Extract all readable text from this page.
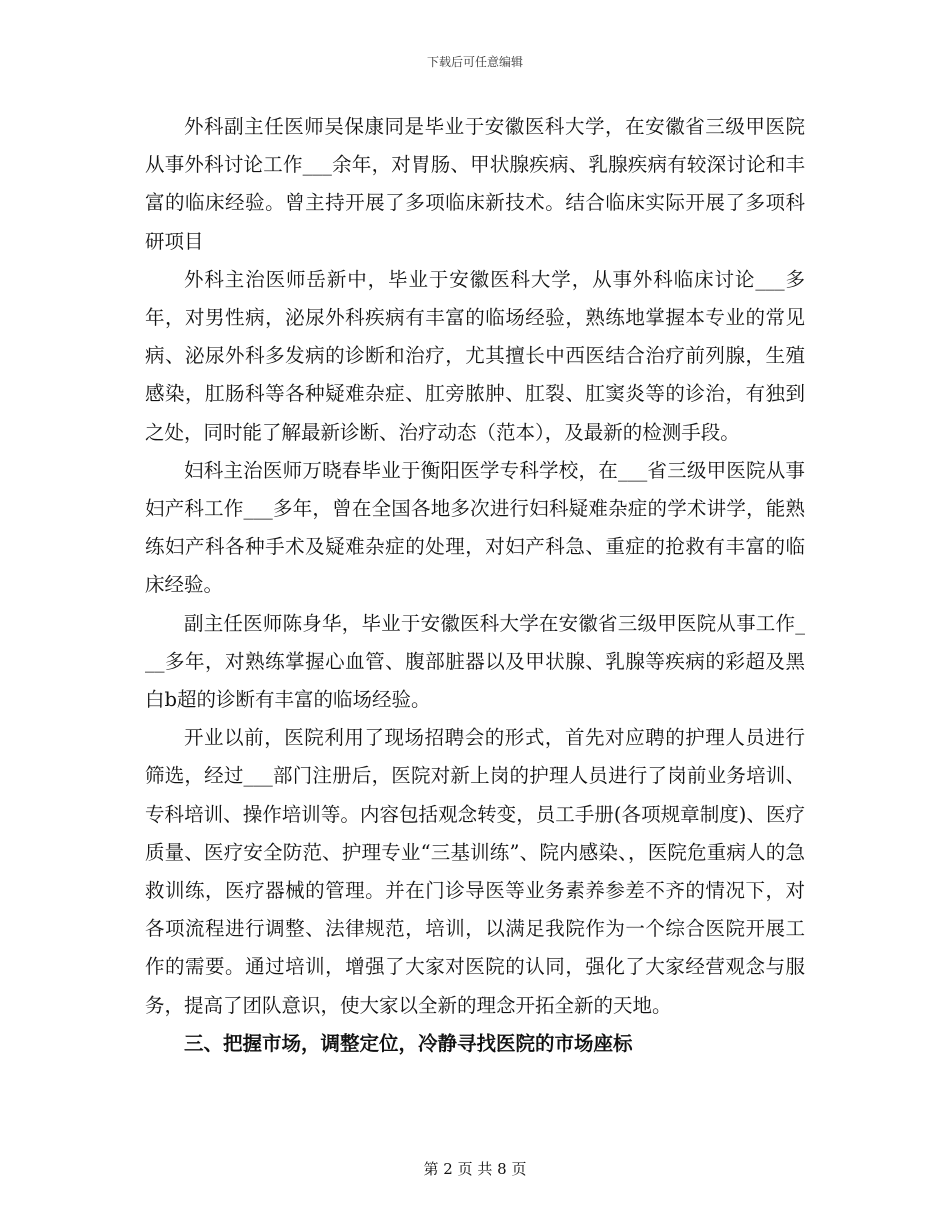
下载后可任意编辑

外科副主任医师吴保康同是毕业于安徽医科大学，在安徽省三级甲医院从事外科讨论工作___余年，对胃肠、甲状腺疾病、乳腺疾病有较深讨论和丰富的临床经验。曾主持开展了多项临床新技术。结合临床实际开展了多项科研项目

外科主治医师岳新中，毕业于安徽医科大学，从事外科临床讨论___多年，对男性病，泌尿外科疾病有丰富的临场经验，熟练地掌握本专业的常见病、泌尿外科多发病的诊断和治疗，尤其擅长中西医结合治疗前列腺，生殖感染，肛肠科等各种疑难杂症、肛旁脓肿、肛裂、肛窦炎等的诊治，有独到之处，同时能了解最新诊断、治疗动态（范本），及最新的检测手段。

妇科主治医师万晓春毕业于衡阳医学专科学校，在___省三级甲医院从事妇产科工作___多年，曾在全国各地多次进行妇科疑难杂症的学术讲学，能熟练妇产科各种手术及疑难杂症的处理，对妇产科急、重症的抢救有丰富的临床经验。

副主任医师陈身华，毕业于安徽医科大学在安徽省三级甲医院从事工作___多年，对熟练掌握心血管、腹部脏器以及甲状腺、乳腺等疾病的彩超及黑白b超的诊断有丰富的临场经验。

开业以前，医院利用了现场招聘会的形式，首先对应聘的护理人员进行筛选，经过___部门注册后，医院对新上岗的护理人员进行了岗前业务培训、专科培训、操作培训等。内容包括观念转变，员工手册(各项规章制度)、医疗质量、医疗安全防范、护理专业“三基训练”、院内感染、，医院危重病人的急救训练，医疗器械的管理。并在门诊导医等业务素养参差不齐的情况下，对各项流程进行调整、法律规范，培训，以满足我院作为一个综合医院开展工作的需要。通过培训，增强了大家对医院的认同，强化了大家经营观念与服务，提高了团队意识，使大家以全新的理念开拓全新的天地。

三、把握市场，调整定位，冷静寻找医院的市场座标

第 2 页 共 8 页
